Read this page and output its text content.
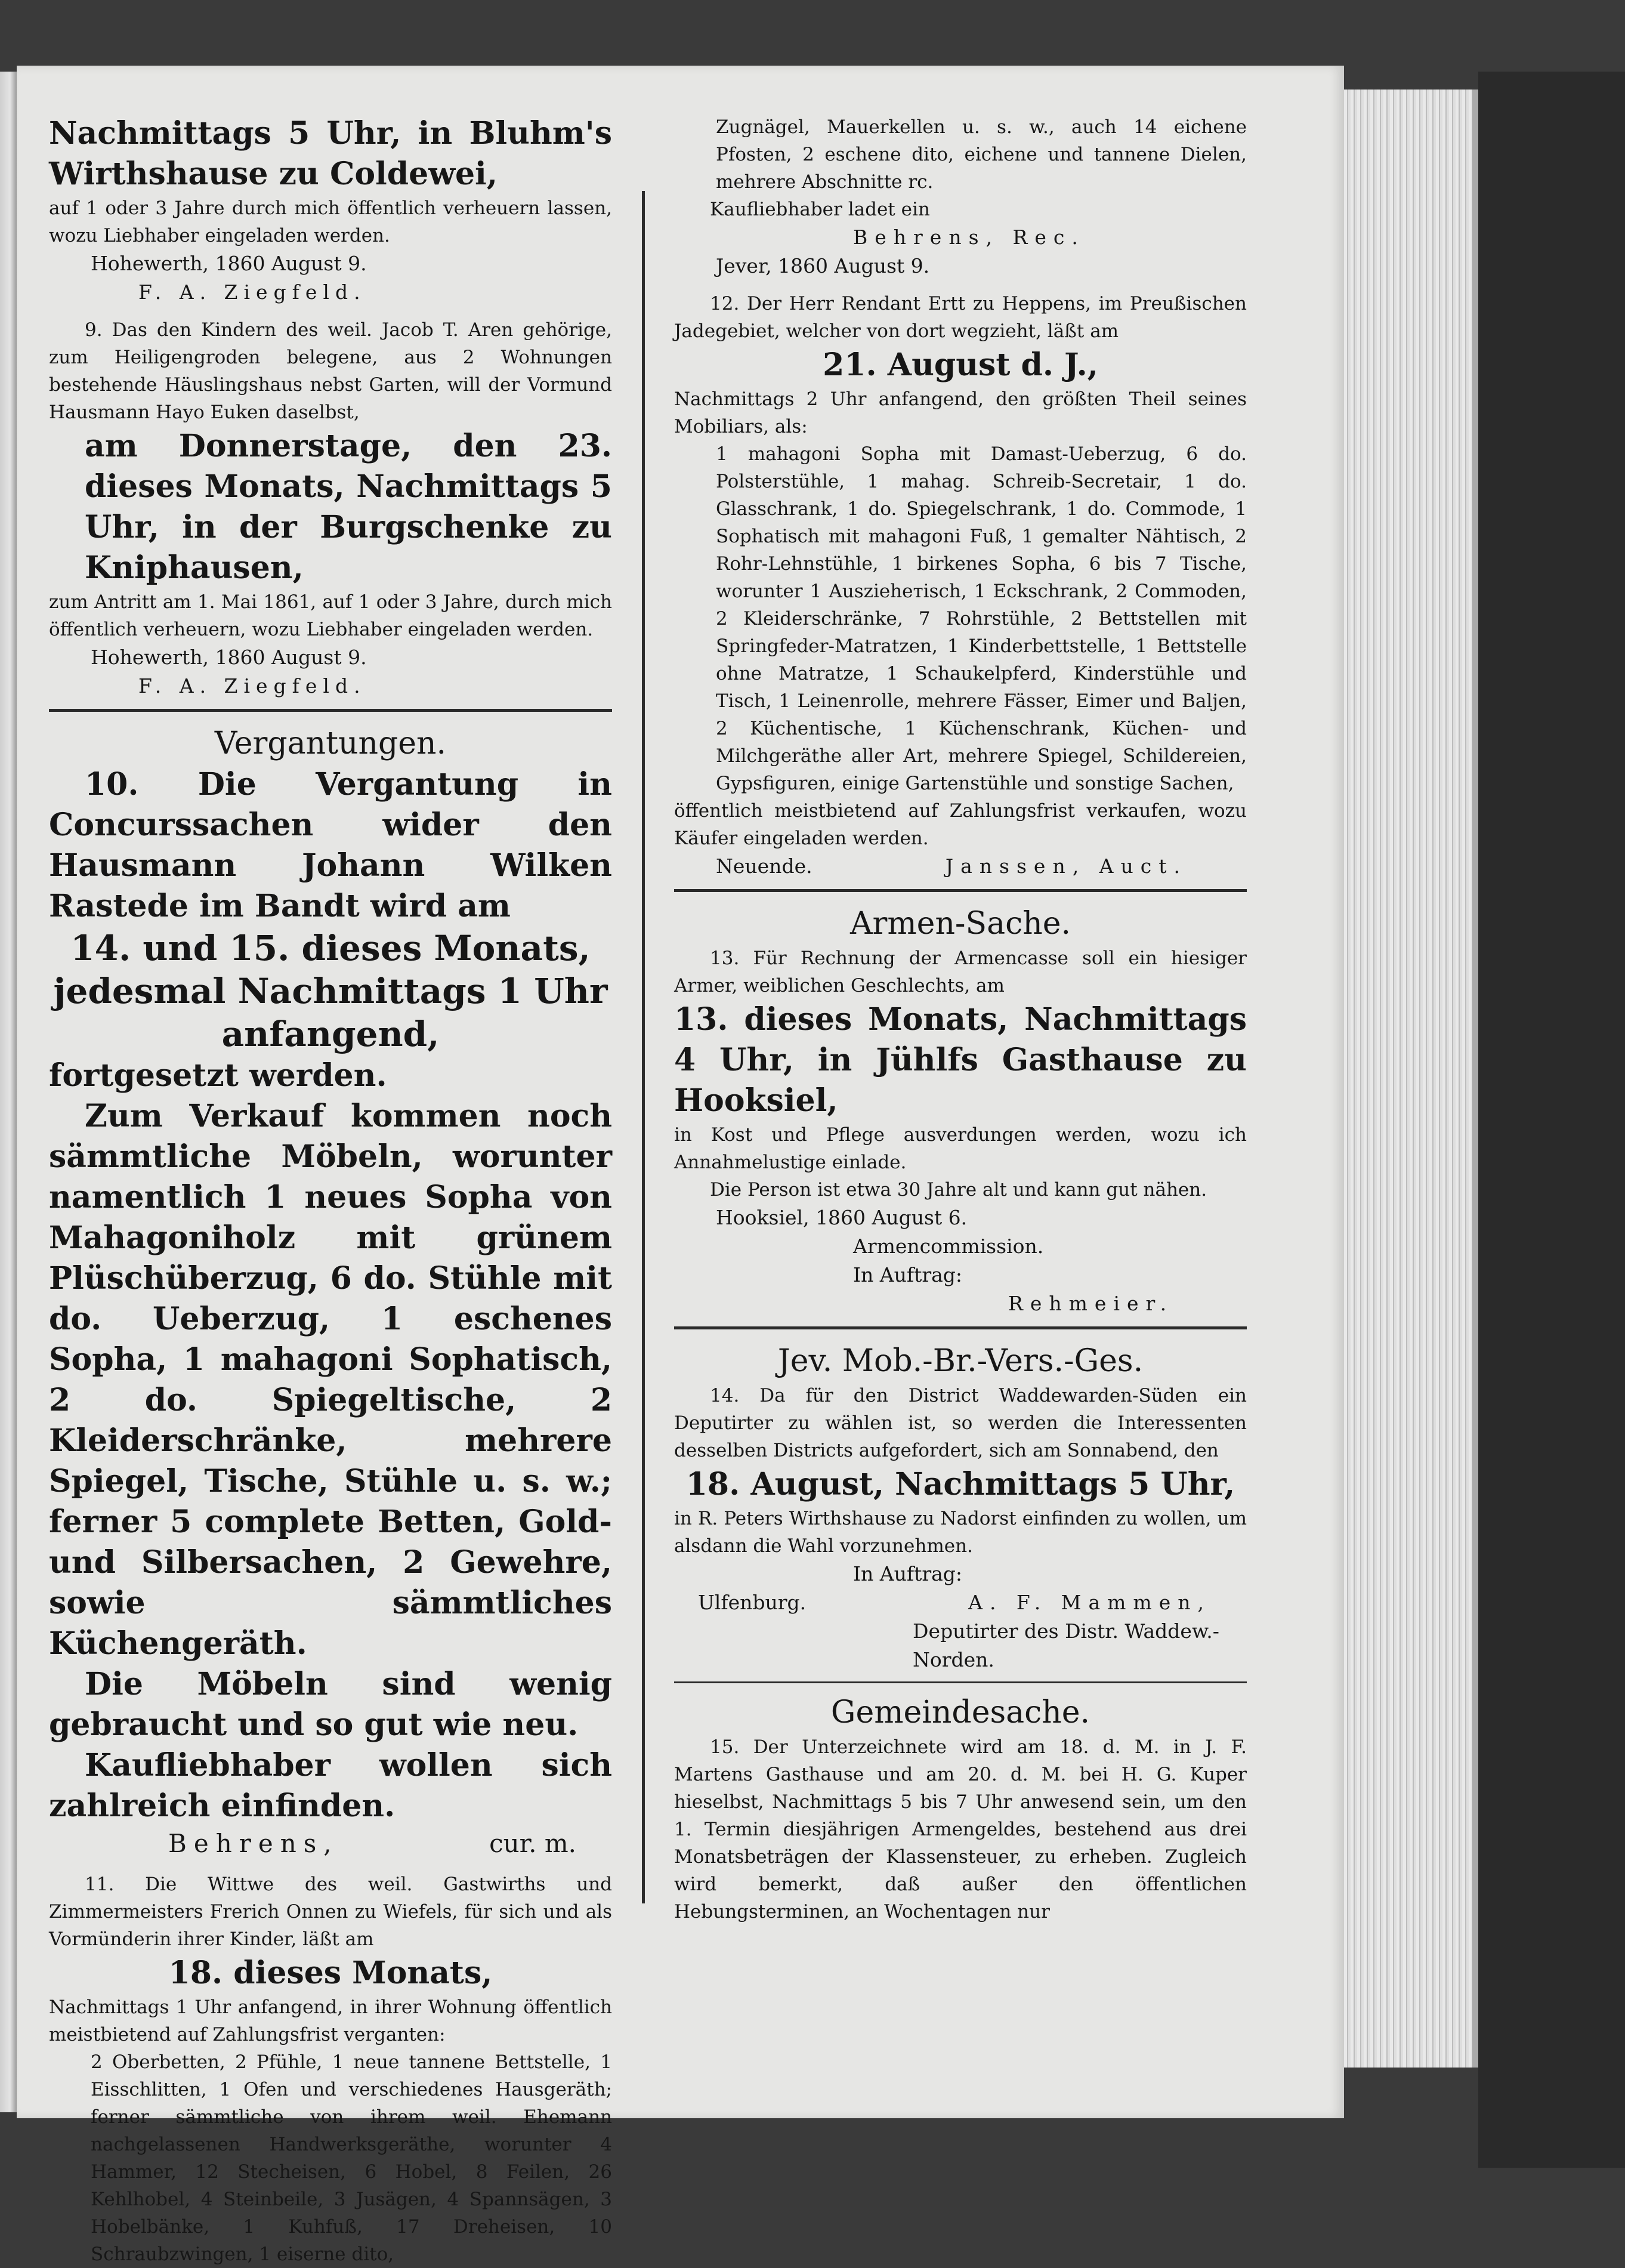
Nachmittags 5 Uhr, in Bluhm's Wirthshause zu Coldewei,

auf 1 oder 3 Jahre durch mich öffentlich verheuern lassen, wozu Liebhaber eingeladen werden.

Hohewerth, 1860 August 9.

F. A. Ziegfeld.

9. Das den Kindern des weil. Jacob T. Aren gehörige, zum Heiligengroden belegene, aus 2 Wohnungen bestehende Häuslingshaus nebst Garten, will der Vormund Hausmann Hayo Euken daselbst,

am Donnerstage, den 23. dieses Monats, Nachmittags 5 Uhr, in der Burgschenke zu Kniphausen,

zum Antritt am 1. Mai 1861, auf 1 oder 3 Jahre, durch mich öffentlich verheuern, wozu Liebhaber eingeladen werden.

Hohewerth, 1860 August 9.

F. A. Ziegfeld.

Vergantungen.

10. Die Vergantung in Concurssachen wider den Hausmann Johann Wilken Rastede im Bandt wird am

14. und 15. dieses Monats, jedesmal Nachmittags 1 Uhr anfangend,

fortgesetzt werden.

Zum Verkauf kommen noch sämmtliche Möbeln, worunter namentlich 1 neues Sopha von Mahagoniholz mit grünem Plüschüberzug, 6 do. Stühle mit do. Ueberzug, 1 eschenes Sopha, 1 mahagoni Sophatisch, 2 do. Spiegeltische, 2 Kleiderschränke, mehrere Spiegel, Tische, Stühle u. s. w.; ferner 5 complete Betten, Gold- und Silbersachen, 2 Gewehre, sowie sämmtliches Küchengeräth.

Die Möbeln sind wenig gebraucht und so gut wie neu.

Kaufliebhaber wollen sich zahlreich einfinden.

Behrens,	cur. m.

11. Die Wittwe des weil. Gastwirths und Zimmermeisters Frerich Onnen zu Wiefels, für sich und als Vormünderin ihrer Kinder, läßt am

18. dieses Monats,

Nachmittags 1 Uhr anfangend, in ihrer Wohnung öffentlich meistbietend auf Zahlungsfrist verganten:

2 Oberbetten, 2 Pfühle, 1 neue tannene Bettstelle, 1 Eisschlitten, 1 Ofen und verschiedenes Hausgeräth; ferner sämmtliche von ihrem weil. Ehemann nachgelassenen Handwerksgeräthe, worunter 4 Hammer, 12 Stecheisen, 6 Hobel, 8 Feilen, 26 Kehlhobel, 4 Steinbeile, 3 Jusägen, 4 Spannsägen, 3 Hobelbänke, 1 Kuhfuß, 17 Dreheisen, 10 Schraubzwingen, 1 eiserne dito,

Zugnägel, Mauerkellen u. s. w., auch 14 eichene Pfosten, 2 eschene dito, eichene und tannene Dielen, mehrere Abschnitte rc.

Kaufliebhaber ladet ein

Behrens, Rec.

Jever, 1860 August 9.

12. Der Herr Rendant Ertt zu Heppens, im Preußischen Jadegebiet, welcher von dort wegzieht, läßt am

21. August d. J.,

Nachmittags 2 Uhr anfangend, den größten Theil seines Mobiliars, als:

1 mahagoni Sopha mit Damast-Ueberzug, 6 do. Polsterstühle, 1 mahag. Schreib-Secretair, 1 do. Glasschrank, 1 do. Spiegelschrank, 1 do. Commode, 1 Sophatisch mit mahagoni Fuß, 1 gemalter Nähtisch, 2 Rohr-Lehnstühle, 1 birkenes Sopha, 6 bis 7 Tische, worunter 1 Auszieheтisch, 1 Eckschrank, 2 Commoden, 2 Kleiderschränke, 7 Rohrstühle, 2 Bettstellen mit Springfeder-Matratzen, 1 Kinderbettstelle, 1 Bettstelle ohne Matratze, 1 Schaukelpferd, Kinderstühle und Tisch, 1 Leinenrolle, mehrere Fässer, Eimer und Baljen, 2 Küchentische, 1 Küchenschrank, Küchen- und Milchgeräthe aller Art, mehrere Spiegel, Schildereien, Gypsfiguren, einige Gartenstühle und sonstige Sachen,

öffentlich meistbietend auf Zahlungsfrist verkaufen, wozu Käufer eingeladen werden.

Neuende.	Janssen, Auct.

Armen-Sache.

13. Für Rechnung der Armencasse soll ein hiesiger Armer, weiblichen Geschlechts, am

13. dieses Monats, Nachmittags 4 Uhr, in Jühlfs Gasthause zu Hooksiel,

in Kost und Pflege ausverdungen werden, wozu ich Annahmelustige einlade.

Die Person ist etwa 30 Jahre alt und kann gut nähen.

Hooksiel, 1860 August 6.

Armencommission.

In Auftrag:

Rehmeier.

Jev. Mob.-Br.-Vers.-Ges.

14. Da für den District Waddewarden-Süden ein Deputirter zu wählen ist, so werden die Interessenten desselben Districts aufgefordert, sich am Sonnabend, den

18. August, Nachmittags 5 Uhr,

in R. Peters Wirthshause zu Nadorst einfinden zu wollen, um alsdann die Wahl vorzunehmen.

In Auftrag:

Ulfenburg.	A. F. Mammen,

Deputirter des Distr. Waddew.-Norden.

Gemeindesache.

15. Der Unterzeichnete wird am 18. d. M. in J. F. Martens Gasthause und am 20. d. M. bei H. G. Kuper hieselbst, Nachmittags 5 bis 7 Uhr anwesend sein, um den 1. Termin diesjährigen Armengeldes, bestehend aus drei Monatsbeträgen der Klassensteuer, zu erheben. Zugleich wird bemerkt, daß außer den öffentlichen Hebungsterminen, an Wochentagen nur
